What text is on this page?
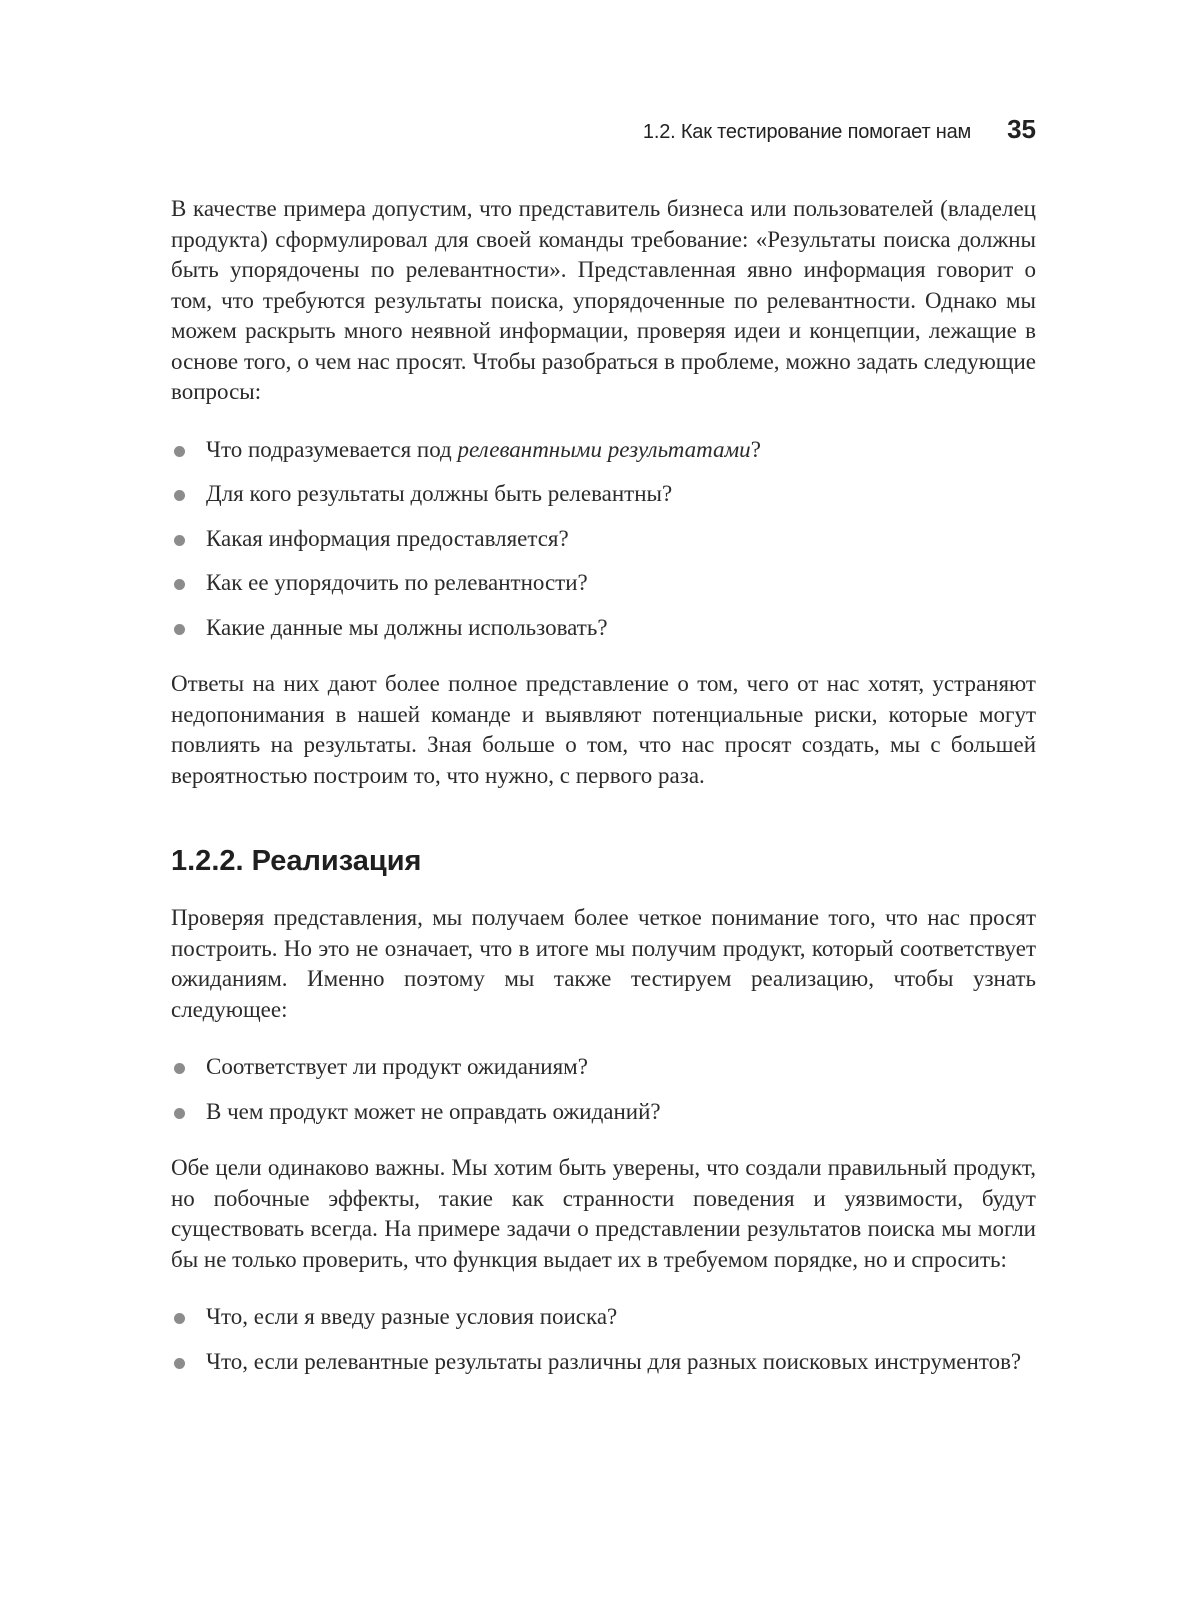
1.2. Как тестирование помогает нам 35

В качестве примера допустим, что представитель бизнеса или пользователей (владелец продукта) сформулировал для своей команды требование: «Результаты поиска должны быть упорядочены по релевантности». Представленная явно информация говорит о том, что требуются результаты поиска, упорядоченные по релевантности. Однако мы можем раскрыть много неявной информации, проверяя идеи и концепции, лежащие в основе того, о чем нас просят. Чтобы разобраться в проблеме, можно задать следующие вопросы:

Что подразумевается под релевантными результатами?
Для кого результаты должны быть релевантны?
Какая информация предоставляется?
Как ее упорядочить по релевантности?
Какие данные мы должны использовать?

Ответы на них дают более полное представление о том, чего от нас хотят, устраняют недопонимания в нашей команде и выявляют потенциальные риски, которые могут повлиять на результаты. Зная больше о том, что нас просят создать, мы с большей вероятностью построим то, что нужно, с первого раза.

1.2.2. Реализация

Проверяя представления, мы получаем более четкое понимание того, что нас просят построить. Но это не означает, что в итоге мы получим продукт, который соответствует ожиданиям. Именно поэтому мы также тестируем реализацию, чтобы узнать следующее:

Соответствует ли продукт ожиданиям?
В чем продукт может не оправдать ожиданий?

Обе цели одинаково важны. Мы хотим быть уверены, что создали правильный продукт, но побочные эффекты, такие как странности поведения и уязвимости, будут существовать всегда. На примере задачи о представлении результатов поиска мы могли бы не только проверить, что функция выдает их в требуемом порядке, но и спросить:

Что, если я введу разные условия поиска?
Что, если релевантные результаты различны для разных поисковых инструментов?
